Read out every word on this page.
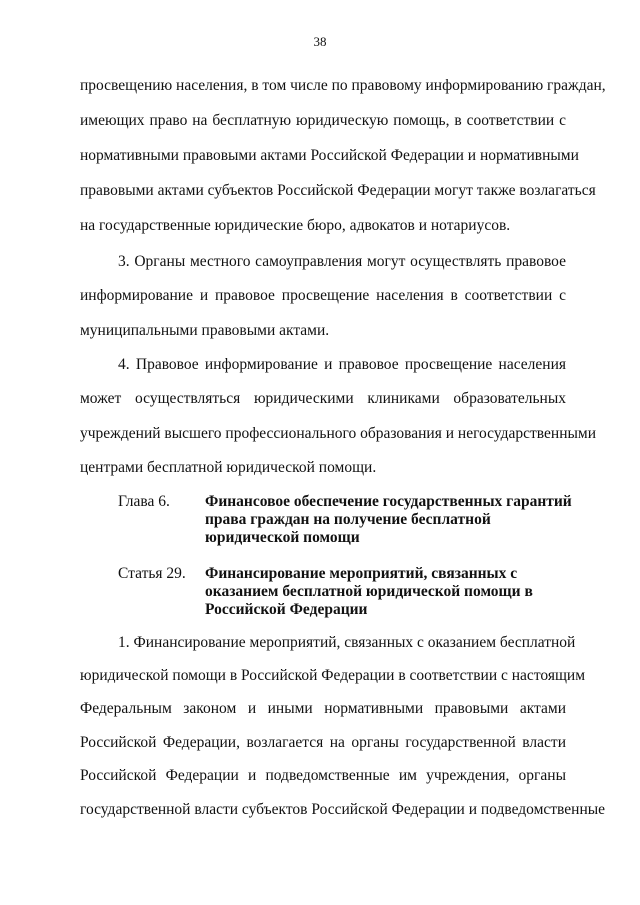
38
просвещению населения, в том числе по правовому информированию граждан,
имеющих право на бесплатную юридическую помощь, в соответствии с
нормативными правовыми актами Российской Федерации и нормативными
правовыми актами субъектов Российской Федерации могут также возлагаться
на государственные юридические бюро, адвокатов и нотариусов.
3. Органы местного самоуправления могут осуществлять правовое
информирование и правовое просвещение населения в соответствии с
муниципальными правовыми актами.
4. Правовое информирование и правовое просвещение населения
может осуществляться юридическими клиниками образовательных
учреждений высшего профессионального образования и негосударственными
центрами бесплатной юридической помощи.
Глава 6. Финансовое обеспечение государственных гарантий
права граждан на получение бесплатной
юридической помощи
Статья 29. Финансирование мероприятий, связанных с
оказанием бесплатной юридической помощи в
Российской Федерации
1. Финансирование мероприятий, связанных с оказанием бесплатной
юридической помощи в Российской Федерации в соответствии с настоящим
Федеральным законом и иными нормативными правовыми актами
Российской Федерации, возлагается на органы государственной власти
Российской Федерации и подведомственные им учреждения, органы
государственной власти субъектов Российской Федерации и подведомственные
